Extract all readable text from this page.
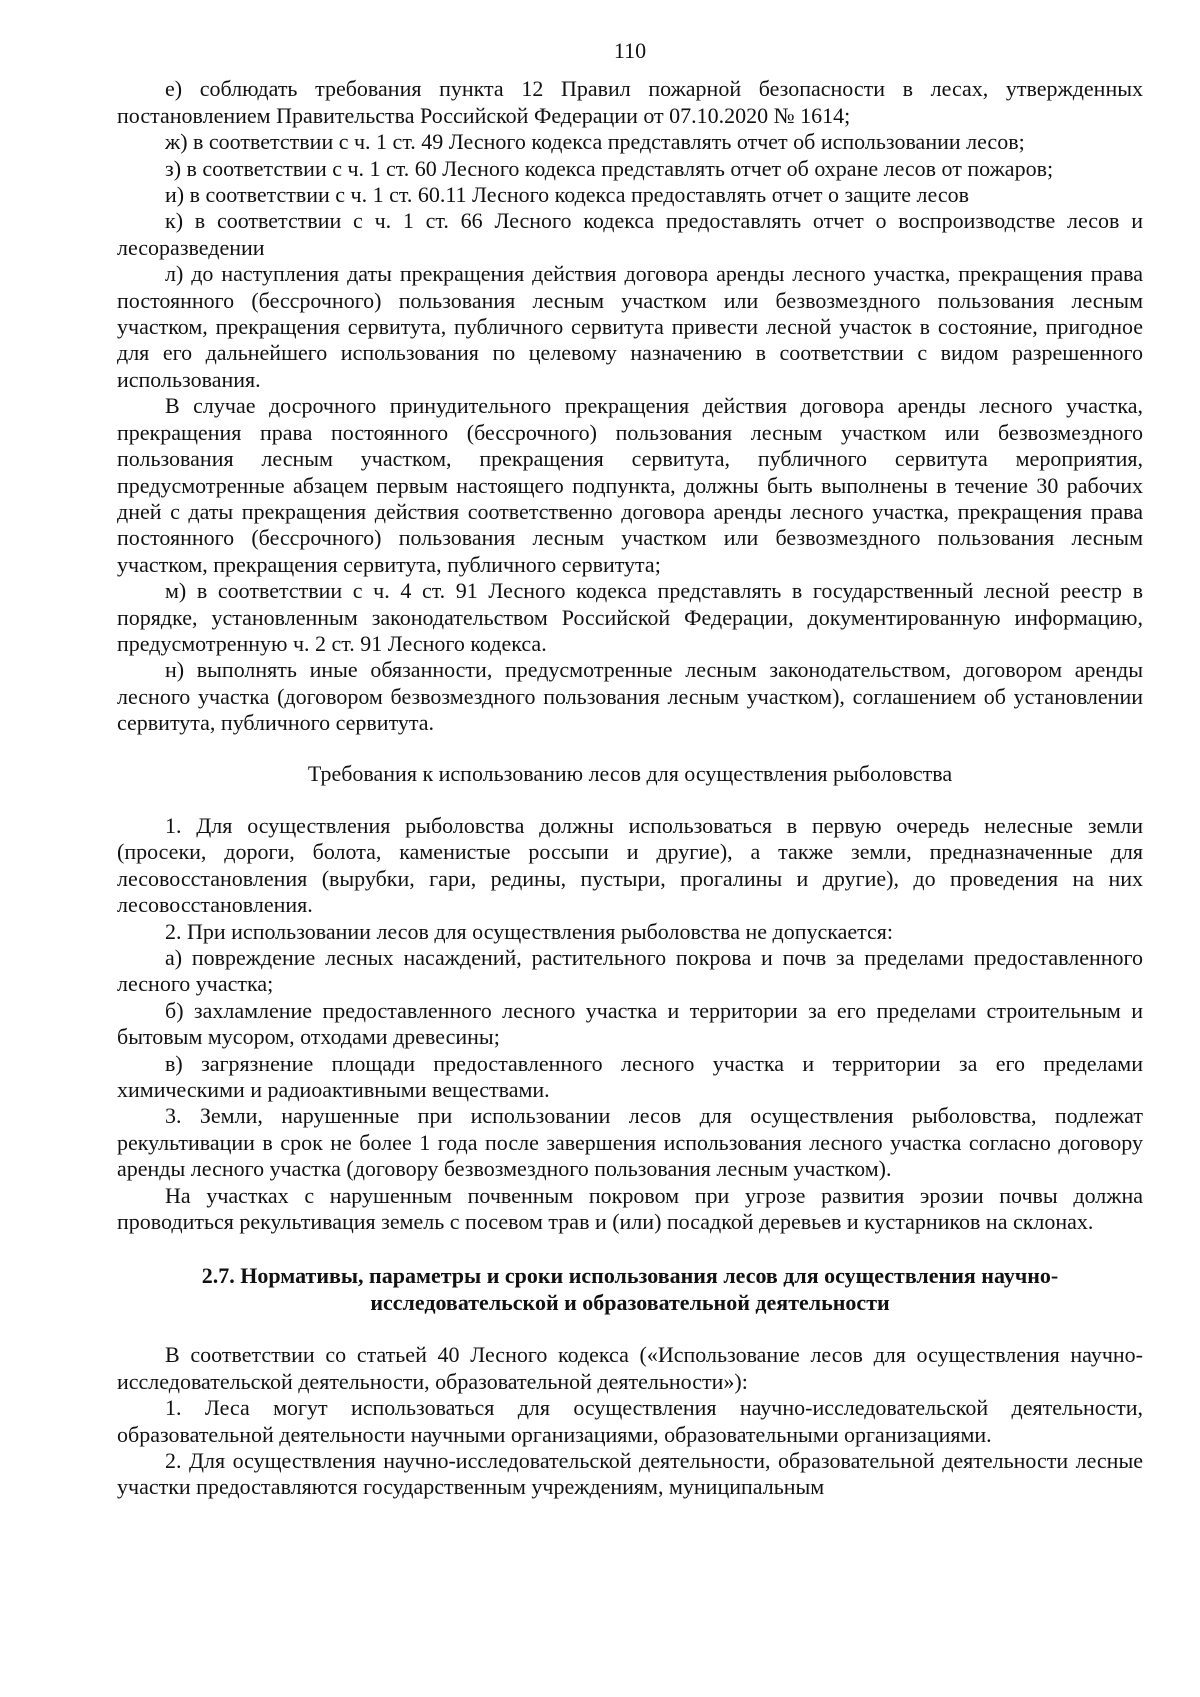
110

е) соблюдать требования пункта 12 Правил пожарной безопасности в лесах, утвержденных постановлением Правительства Российской Федерации от 07.10.2020 № 1614;

ж) в соответствии с ч. 1 ст. 49 Лесного кодекса представлять отчет об использовании лесов;

з) в соответствии с ч. 1 ст. 60 Лесного кодекса представлять отчет об охране лесов от пожаров;

и) в соответствии с ч. 1 ст. 60.11 Лесного кодекса предоставлять отчет о защите лесов

к) в соответствии с ч. 1 ст. 66 Лесного кодекса предоставлять отчет о воспроизводстве лесов и лесоразведении

л) до наступления даты прекращения действия договора аренды лесного участка, прекращения права постоянного (бессрочного) пользования лесным участком или безвозмездного пользования лесным участком, прекращения сервитута, публичного сервитута привести лесной участок в состояние, пригодное для его дальнейшего использования по целевому назначению в соответствии с видом разрешенного использования.

В случае досрочного принудительного прекращения действия договора аренды лесного участка, прекращения права постоянного (бессрочного) пользования лесным участком или безвозмездного пользования лесным участком, прекращения сервитута, публичного сервитута мероприятия, предусмотренные абзацем первым настоящего подпункта, должны быть выполнены в течение 30 рабочих дней с даты прекращения действия соответственно договора аренды лесного участка, прекращения права постоянного (бессрочного) пользования лесным участком или безвозмездного пользования лесным участком, прекращения сервитута, публичного сервитута;

м) в соответствии с ч. 4 ст. 91 Лесного кодекса представлять в государственный лесной реестр в порядке, установленным законодательством Российской Федерации, документированную информацию, предусмотренную ч. 2 ст. 91 Лесного кодекса.

н) выполнять иные обязанности, предусмотренные лесным законодательством, договором аренды лесного участка (договором безвозмездного пользования лесным участком), соглашением об установлении сервитута, публичного сервитута.

Требования к использованию лесов для осуществления рыболовства

1. Для осуществления рыболовства должны использоваться в первую очередь нелесные земли (просеки, дороги, болота, каменистые россыпи и другие), а также земли, предназначенные для лесовосстановления (вырубки, гари, редины, пустыри, прогалины и другие), до проведения на них лесовосстановления.

2. При использовании лесов для осуществления рыболовства не допускается:

а) повреждение лесных насаждений, растительного покрова и почв за пределами предоставленного лесного участка;

б) захламление предоставленного лесного участка и территории за его пределами строительным и бытовым мусором, отходами древесины;

в) загрязнение площади предоставленного лесного участка и территории за его пределами химическими и радиоактивными веществами.

3. Земли, нарушенные при использовании лесов для осуществления рыболовства, подлежат рекультивации в срок не более 1 года после завершения использования лесного участка согласно договору аренды лесного участка (договору безвозмездного пользования лесным участком).

На участках с нарушенным почвенным покровом при угрозе развития эрозии почвы должна проводиться рекультивация земель с посевом трав и (или) посадкой деревьев и кустарников на склонах.

2.7. Нормативы, параметры и сроки использования лесов для осуществления научно-
исследовательской и образовательной деятельности

В соответствии со статьей 40 Лесного кодекса («Использование лесов для осуществления научно-исследовательской деятельности, образовательной деятельности»):

1. Леса могут использоваться для осуществления научно-исследовательской деятельности, образовательной деятельности научными организациями, образовательными организациями.

2. Для осуществления научно-исследовательской деятельности, образовательной деятельности лесные участки предоставляются государственным учреждениям, муниципальным
